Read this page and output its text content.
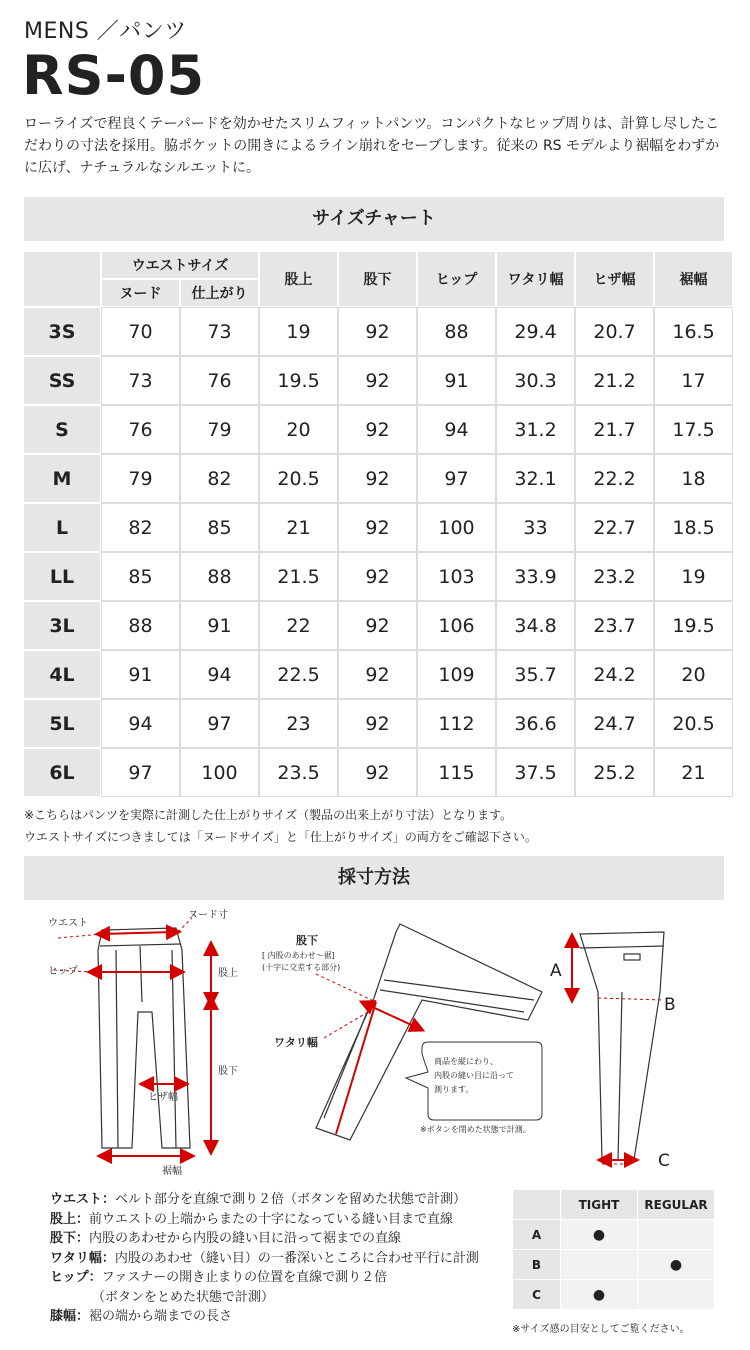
MENS ／パンツ
RS-05
ローライズで程良くテーパードを効かせたスリムフィットパンツ。コンパクトなヒップ周りは、計算し尽したこだわりの寸法を採用。脇ポケットの開きによるライン崩れをセーブします。従来の RS モデルより裾幅をわずかに広げ、ナチュラルなシルエットに。
サイズチャート
	ウエストサイズ		股上	股下	ヒップ	ワタリ幅	ヒザ幅	裾幅
	ヌード	仕上がり						
3S	70	73	19	92	88	29.4	20.7	16.5
SS	73	76	19.5	92	91	30.3	21.2	17
S	76	79	20	92	94	31.2	21.7	17.5
M	79	82	20.5	92	97	32.1	22.2	18
L	82	85	21	92	100	33	22.7	18.5
LL	85	88	21.5	92	103	33.9	23.2	19
3L	88	91	22	92	106	34.8	23.7	19.5
4L	91	94	22.5	92	109	35.7	24.2	20
5L	94	97	23	92	112	36.6	24.7	20.5
6L	97	100	23.5	92	115	37.5	25.2	21
※こちらはパンツを実際に計測した仕上がりサイズ（製品の出来上がり寸法）となります。
ウエストサイズにつきましては「ヌードサイズ」と「仕上がりサイズ」の両方をご確認下さい。
採寸方法
ウエスト
ヌード寸
ヒップ	股上
股下
ヒザ幅
裾幅
股下
[ 内股のあわせ～裾]
(十字に交差する部分)
ワタリ幅
商品を縦にわり、
内股の縫い目に沿って
測ります。
※ボタンを閉めた状態で計測。
A
B
C
ウエスト：ベルト部分を直線で測り２倍（ボタンを留めた状態で計測）
股上：前ウエストの上端からまたの十字になっている縫い目まで直線
股下：内股のあわせから内股の縫い目に沿って裾までの直線
ワタリ幅：内股のあわせ（縫い目）の一番深いところに合わせ平行に計測
ヒップ：ファスナーの開き止まりの位置を直線で測り２倍
（ボタンをとめた状態で計測）
膝幅：裾の端から端までの長さ
	TIGHT	REGULAR
A	●	
B		●
C	●	
※サイズ感の目安としてご覧ください。
